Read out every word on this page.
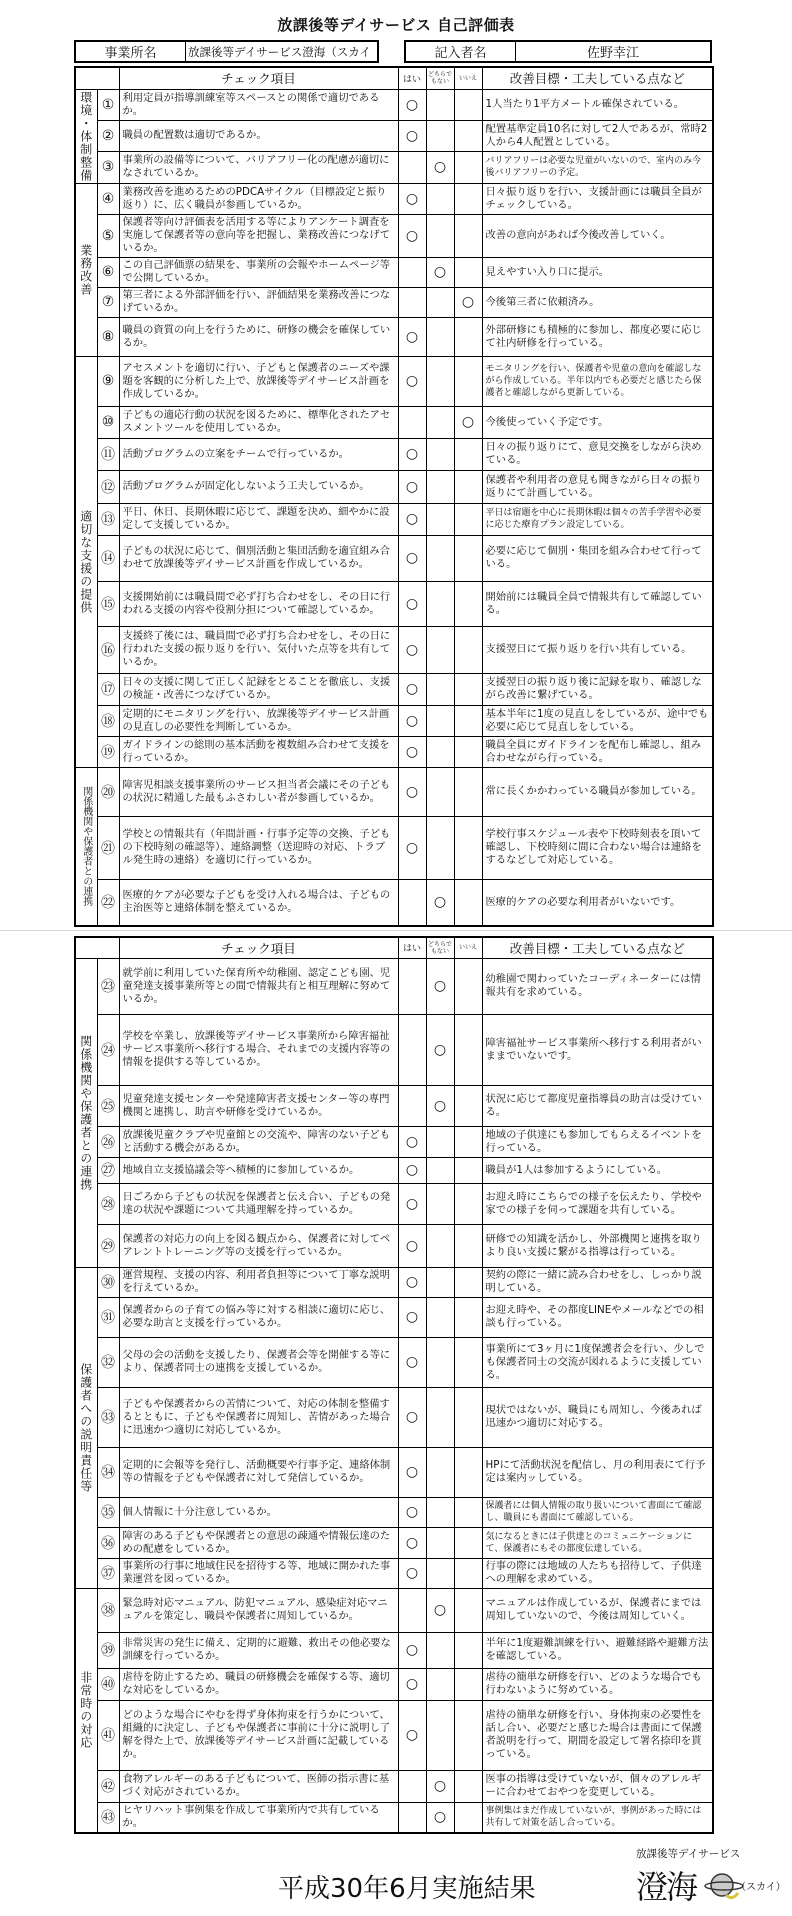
放課後等デイサービス 自己評価表
事業所名	放課後等デイサービス澄海（スカイ	記入者名	佐野幸江
		チェック項目	はい	どちらでもない	いいえ	改善目標・工夫している点など
環境・体制整備	①	利用定員が指導訓練室等スペースとの関係で適切であるか。	○			1人当たり1平方メートル確保されている。
	②	職員の配置数は適切であるか。	○			配置基準定員10名に対して2人であるが、常時2人から4人配置としている。
	③	事業所の設備等について、バリアフリー化の配慮が適切になされているか。		○		バリアフリーは必要な児童がいないので、室内のみ今後バリアフリーの予定。
業務改善	④	業務改善を進めるためのPDCAサイクル（目標設定と振り返り）に、広く職員が参画しているか。	○			日々振り返りを行い、支援計画には職員全員がチェックしている。
	⑤	保護者等向け評価表を活用する等によりアンケート調査を実施して保護者等の意向等を把握し、業務改善につなげているか。	○			改善の意向があれば今後改善していく。
	⑥	この自己評価票の結果を、事業所の会報やホームページ等で公開しているか。		○		見えやすい入り口に提示。
	⑦	第三者による外部評価を行い、評価結果を業務改善につなげているか。			○	今後第三者に依頼済み。
	⑧	職員の資質の向上を行うために、研修の機会を確保しているか。	○			外部研修にも積極的に参加し、都度必要に応じて社内研修を行っている。
適切な支援の提供	⑨	アセスメントを適切に行い、子どもと保護者のニーズや課題を客観的に分析した上で、放課後等デイサービス計画を作成しているか。	○			モニタリングを行い、保護者や児童の意向を確認しながら作成している。半年以内でも必要だと感じたら保護者と確認しながら更新している。
	⑩	子どもの適応行動の状況を図るために、標準化されたアセスメントツールを使用しているか。			○	今後使っていく予定です。
	⑪	活動プログラムの立案をチームで行っているか。	○			日々の振り返りにて、意見交換をしながら決めている。
	⑫	活動プログラムが固定化しないよう工夫しているか。	○			保護者や利用者の意見も聞きながら日々の振り返りにて計画している。
	⑬	平日、休日、長期休暇に応じて、課題を決め、細やかに設定して支援しているか。	○			平日は宿題を中心に長期休暇は個々の苦手学習や必要に応じた療育プラン設定している。
	⑭	子どもの状況に応じて、個別活動と集団活動を適宜組み合わせて放課後等デイサービス計画を作成しているか。	○			必要に応じて個別・集団を組み合わせて行っている。
	⑮	支援開始前には職員間で必ず打ち合わせをし、その日に行われる支援の内容や役割分担について確認しているか。	○			開始前には職員全員で情報共有して確認している。
	⑯	支援終了後には、職員間で必ず打ち合わせをし、その日に行われた支援の振り返りを行い、気付いた点等を共有しているか。	○			支援翌日にて振り返りを行い共有している。
	⑰	日々の支援に関して正しく記録をとることを徹底し、支援の検証・改善につなげているか。	○			支援翌日の振り返り後に記録を取り、確認しながら改善に繋げている。
	⑱	定期的にモニタリングを行い、放課後等デイサービス計画の見直しの必要性を判断しているか。	○			基本半年に1度の見直しをしているが、途中でも必要に応じて見直しをしている。
	⑲	ガイドラインの総則の基本活動を複数組み合わせて支援を行っているか。	○			職員全員にガイドラインを配布し確認し、組み合わせながら行っている。
関係機関や保護者との連携	⑳	障害児相談支援事業所のサービス担当者会議にその子どもの状況に精通した最もふさわしい者が参画しているか。	○			常に長くかかわっている職員が参加している。
	㉑	学校との情報共有（年間計画・行事予定等の交換、子どもの下校時刻の確認等）、連絡調整（送迎時の対応、トラブル発生時の連絡）を適切に行っているか。	○			学校行事スケジュール表や下校時刻表を頂いて確認し、下校時刻に間に合わない場合は連絡をするなどして対応している。
	㉒	医療的ケアが必要な子どもを受け入れる場合は、子どもの主治医等と連絡体制を整えているか。		○		医療的ケアの必要な利用者がいないです。
		チェック項目	はい	どちらでもない	いいえ	改善目標・工夫している点など
関係機関や保護者との連携	㉓	就学前に利用していた保育所や幼稚園、認定こども園、児童発達支援事業所等との間で情報共有と相互理解に努めているか。		○		幼稚園で関わっていたコーディネーターには情報共有を求めている。
	㉔	学校を卒業し、放課後等デイサービス事業所から障害福祉サービス事業所へ移行する場合、それまでの支援内容等の情報を提供する等しているか。		○		障害福祉サービス事業所へ移行する利用者がいままでいないです。
	㉕	児童発達支援センターや発達障害者支援センター等の専門機関と連携し、助言や研修を受けているか。		○		状況に応じて都度児童指導員の助言は受けている。
	㉖	放課後児童クラブや児童館との交流や、障害のない子どもと活動する機会があるか。	○			地域の子供達にも参加してもらえるイベントを行っている。
	㉗	地域自立支援協議会等へ積極的に参加しているか。	○			職員が1人は参加するようにしている。
	㉘	日ごろから子どもの状況を保護者と伝え合い、子どもの発達の状況や課題について共通理解を持っているか。	○			お迎え時にこちらでの様子を伝えたり、学校や家での様子を伺って課題を共有している。
	㉙	保護者の対応力の向上を図る観点から、保護者に対してペアレントトレーニング等の支援を行っているか。	○			研修での知識を活かし、外部機関と連携を取りより良い支援に繋がる指導は行っている。
保護者への説明責任等	㉚	運営規程、支援の内容、利用者負担等について丁寧な説明を行えているか。	○			契約の際に一緒に読み合わせをし、しっかり説明している。
	㉛	保護者からの子育ての悩み等に対する相談に適切に応じ、必要な助言と支援を行っているか。	○			お迎え時や、その都度LINEやメールなどでの相談も行っている。
	㉜	父母の会の活動を支援したり、保護者会等を開催する等により、保護者同士の連携を支援しているか。	○			事業所にて3ヶ月に1度保護者会を行い、少しでも保護者同士の交流が図れるように支援している。
	㉝	子どもや保護者からの苦情について、対応の体制を整備するとともに、子どもや保護者に周知し、苦情があった場合に迅速かつ適切に対応しているか。	○			現状ではないが、職員にも周知し、今後あれば迅速かつ適切に対応する。
	㉞	定期的に会報等を発行し、活動概要や行事予定、連絡体制等の情報を子どもや保護者に対して発信しているか。	○			HPにて活動状況を配信し、月の利用表にて行予定は案内ッしている。
	㉟	個人情報に十分注意しているか。	○			保護者には個人情報の取り扱いについて書面にて確認し、職員にも書面にて確認している。
	㊱	障害のある子どもや保護者との意思の疎通や情報伝達のための配慮をしているか。	○			気になるときには子供達とのコミュニケーションにて、保護者にもその都度伝達している。
	㊲	事業所の行事に地域住民を招待する等、地域に開かれた事業運営を図っているか。	○			行事の際には地域の人たちも招待して、子供達への理解を求めている。
非常時の対応	㊳	緊急時対応マニュアル、防犯マニュアル、感染症対応マニュアルを策定し、職員や保護者に周知しているか。		○		マニュアルは作成しているが、保護者にまでは周知していないので、今後は周知していく。
	㊴	非常災害の発生に備え、定期的に避難、救出その他必要な訓練を行っているか。	○			半年に1度避難訓練を行い、避難経路や避難方法を確認している。
	㊵	虐待を防止するため、職員の研修機会を確保する等、適切な対応をしているか。	○			虐待の簡単な研修を行い、どのような場合でも行わないように努めている。
	㊶	どのような場合にやむを得ず身体拘束を行うかについて、組織的に決定し、子どもや保護者に事前に十分に説明し了解を得た上で、放課後等デイサービス計画に記載しているか。	○			虐待の簡単な研修を行い、身体拘束の必要性を話し合い、必要だと感じた場合は書面にて保護者説明を行って、期間を設定して署名捺印を貰っている。
	㊷	食物アレルギーのある子どもについて、医師の指示書に基づく対応がされているか。		○		医事の指導は受けていないが、個々のアレルギーに合わせておやつを変更している。
	㊸	ヒヤリハット事例集を作成して事業所内で共有しているか。		○		事例集はまだ作成していないが、事例があった時には共有して対策を話し合っている。
平成30年6月実施結果
放課後等デイサービス
澄海	（スカイ）
